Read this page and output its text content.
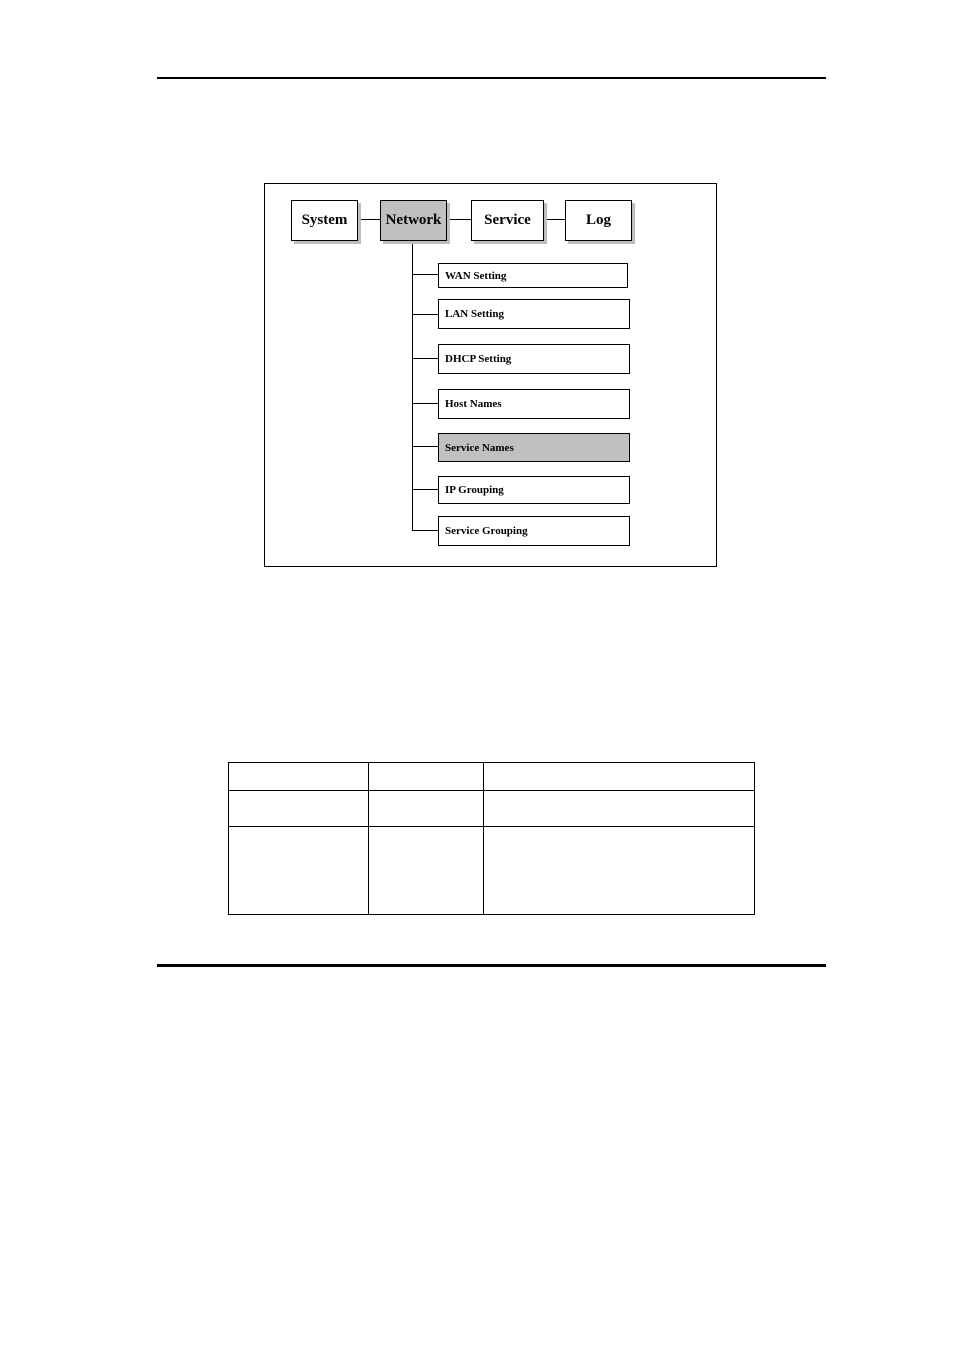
System	Network	Service	Log
WAN Setting
LAN Setting
DHCP Setting
Host Names
Service Names
IP Grouping
Service Grouping
